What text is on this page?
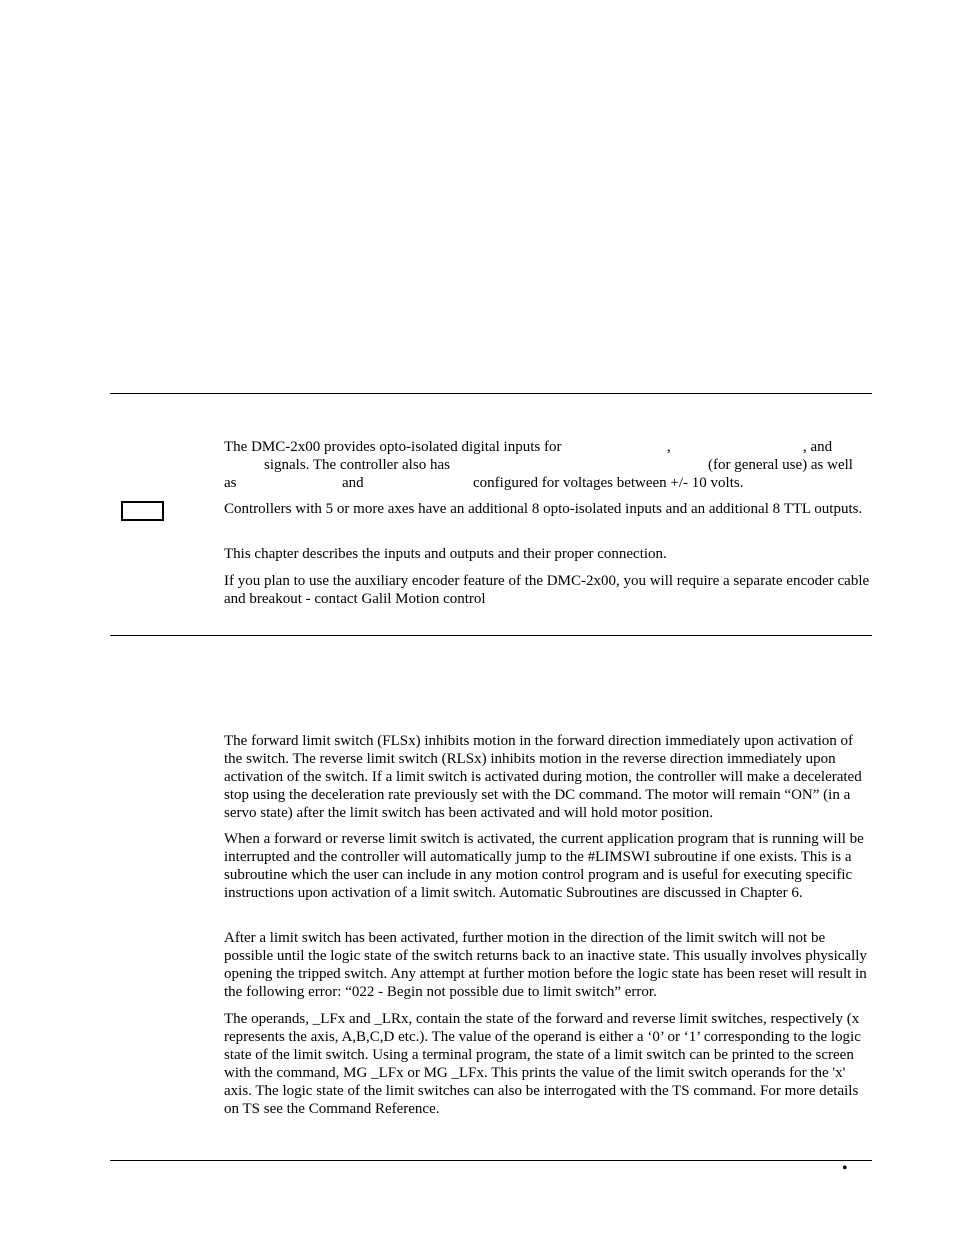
The DMC-2x00 provides opto-isolated digital inputs for	,	, and
signals. The controller also has	(for general use) as well
as	and	configured for voltages between +/- 10 volts.

Controllers with 5 or more axes have an additional 8 opto-isolated inputs and an additional 8 TTL outputs.

This chapter describes the inputs and outputs and their proper connection.

If you plan to use the auxiliary encoder feature of the DMC-2x00, you will require a separate encoder cable and breakout - contact Galil Motion control

The forward limit switch (FLSx) inhibits motion in the forward direction immediately upon activation of the switch. The reverse limit switch (RLSx) inhibits motion in the reverse direction immediately upon activation of the switch. If a limit switch is activated during motion, the controller will make a decelerated stop using the deceleration rate previously set with the DC command. The motor will remain “ON” (in a servo state) after the limit switch has been activated and will hold motor position.

When a forward or reverse limit switch is activated, the current application program that is running will be interrupted and the controller will automatically jump to the #LIMSWI subroutine if one exists. This is a subroutine which the user can include in any motion control program and is useful for executing specific instructions upon activation of a limit switch. Automatic Subroutines are discussed in Chapter 6.

After a limit switch has been activated, further motion in the direction of the limit switch will not be possible until the logic state of the switch returns back to an inactive state. This usually involves physically opening the tripped switch. Any attempt at further motion before the logic state has been reset will result in the following error: “022 - Begin not possible due to limit switch” error.

The operands, _LFx and _LRx, contain the state of the forward and reverse limit switches, respectively (x represents the axis, A,B,C,D etc.). The value of the operand is either a ‘0’ or ‘1’ corresponding to the logic state of the limit switch. Using a terminal program, the state of a limit switch can be printed to the screen with the command, MG _LFx or MG _LFx. This prints the value of the limit switch operands for the 'x' axis. The logic state of the limit switches can also be interrogated with the TS command. For more details on TS see the Command Reference.

•
